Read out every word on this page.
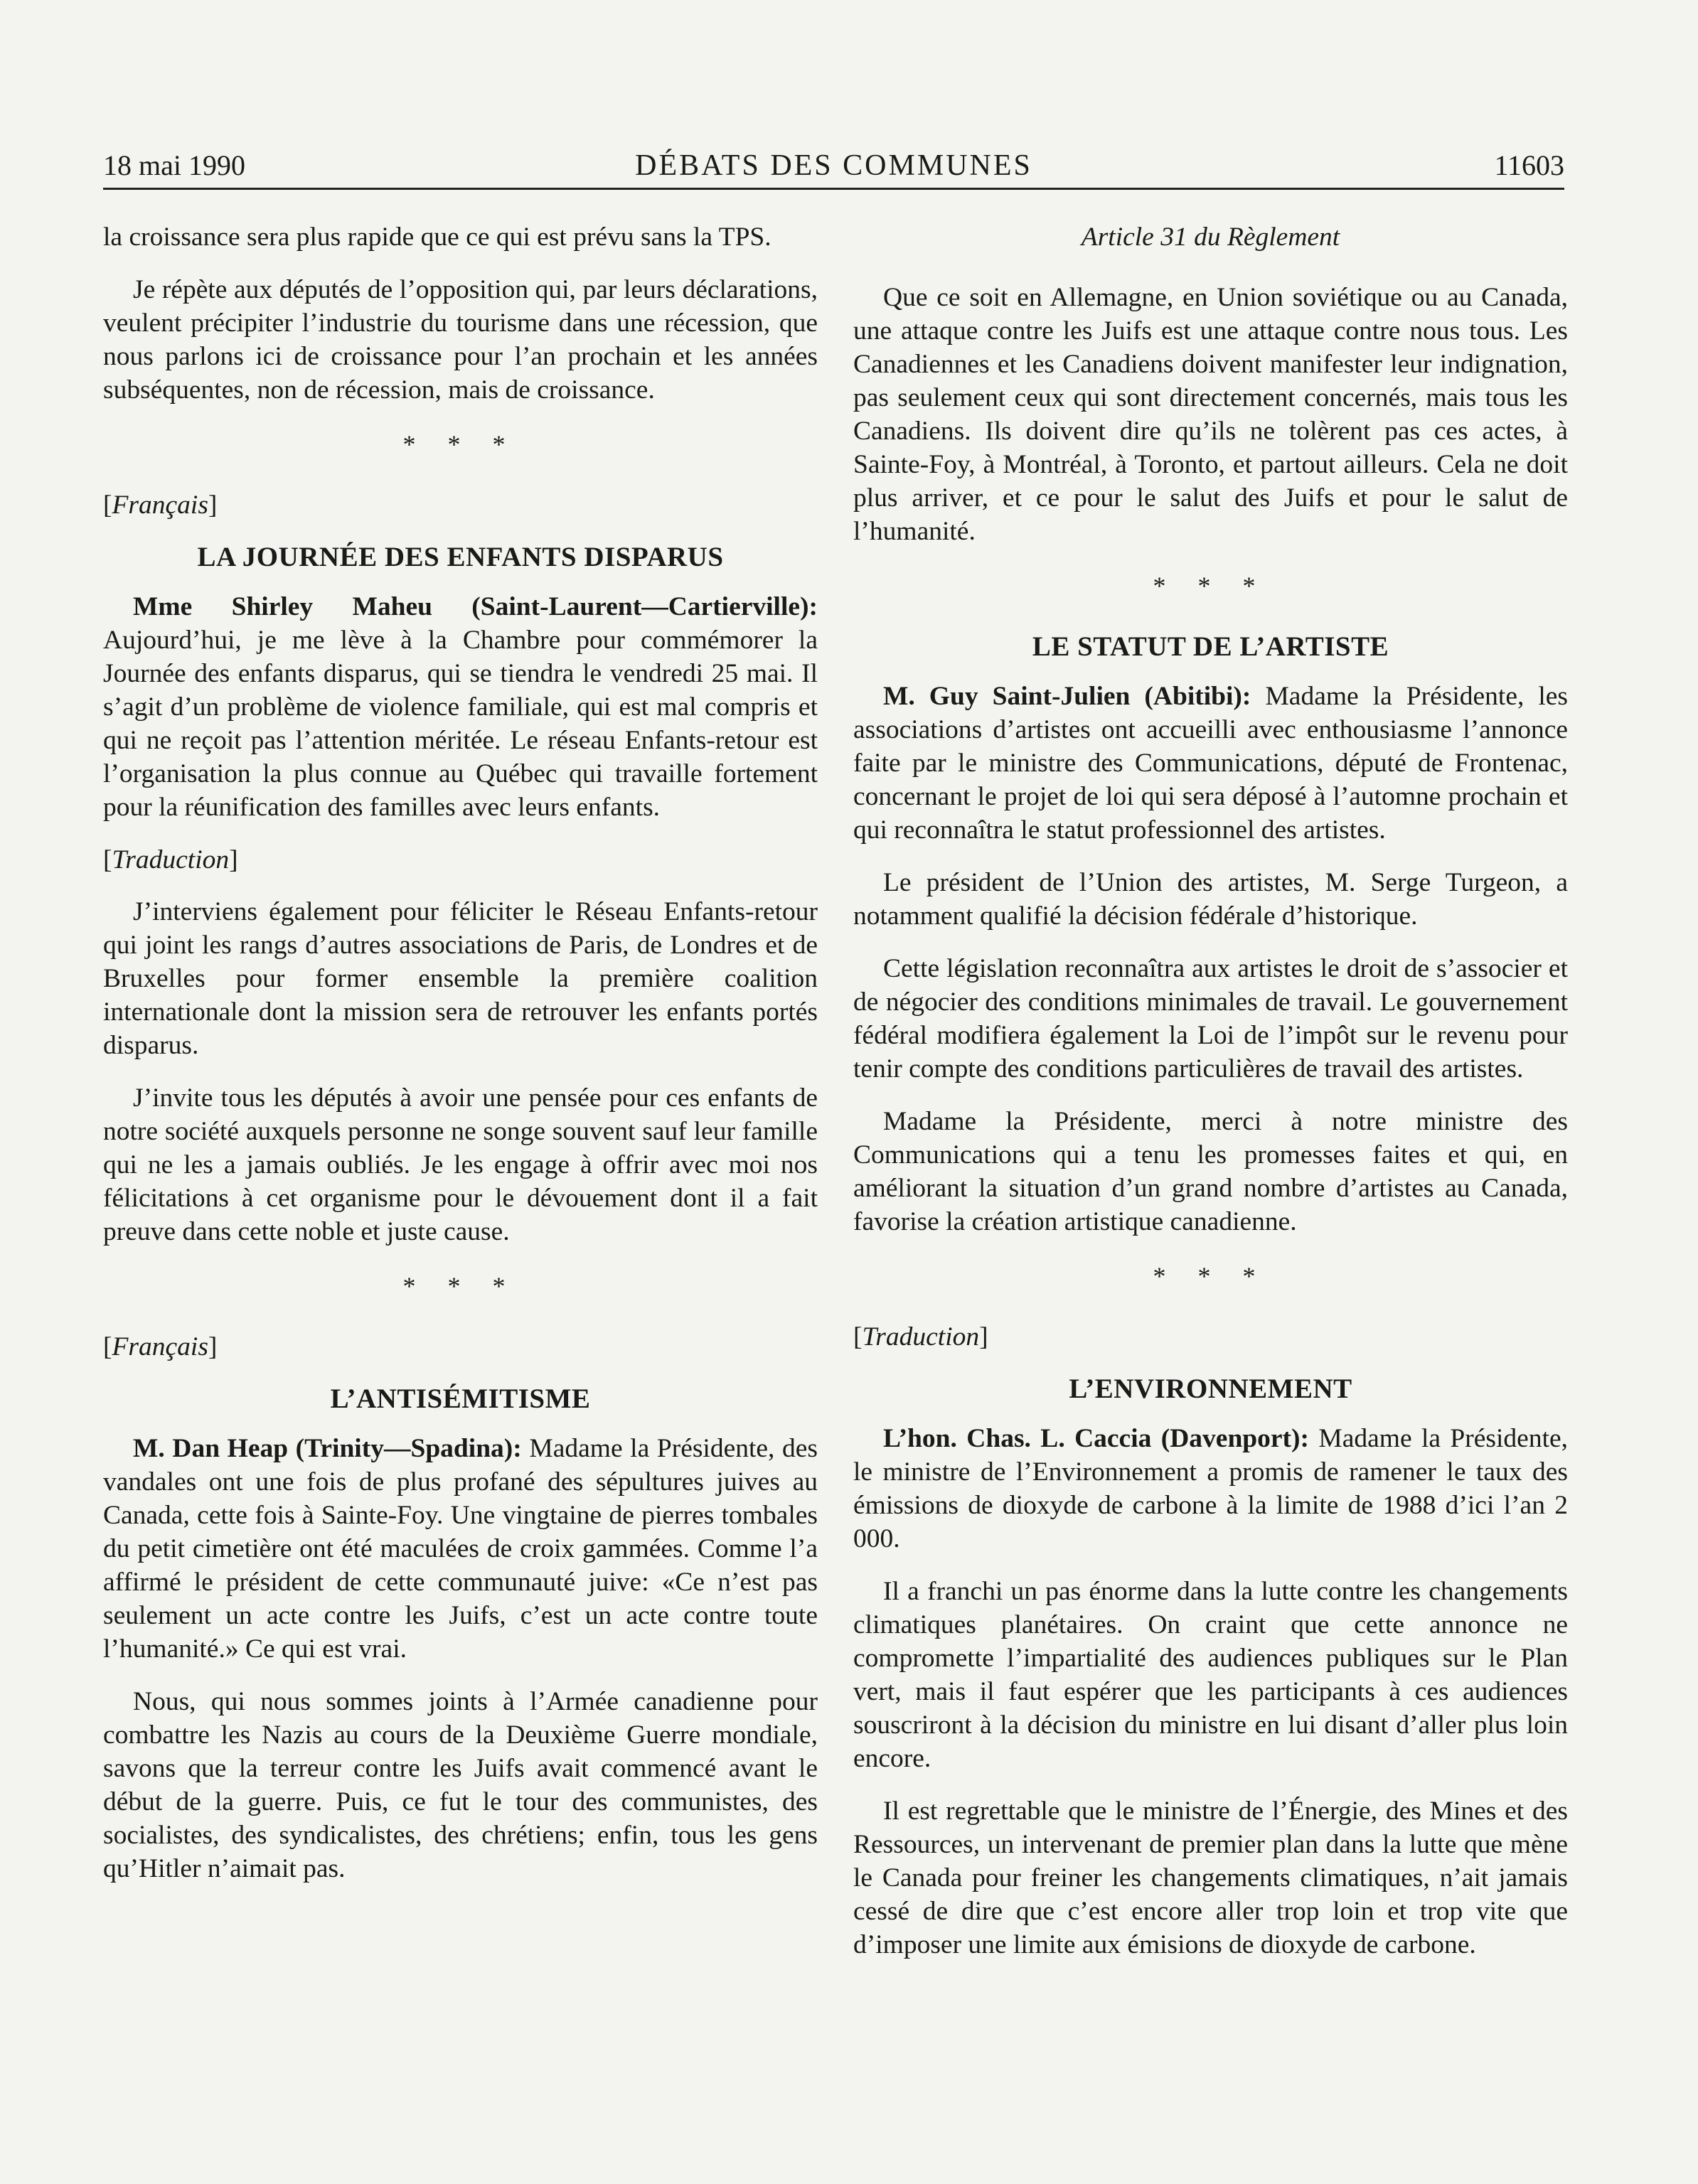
18 mai 1990	DÉBATS DES COMMUNES	11603

la croissance sera plus rapide que ce qui est prévu sans la TPS.

Je répète aux députés de l’opposition qui, par leurs déclarations, veulent précipiter l’industrie du tourisme dans une récession, que nous parlons ici de croissance pour l’an prochain et les années subséquentes, non de récession, mais de croissance.

* * *
[Français]
LA JOURNÉE DES ENFANTS DISPARUS

Mme Shirley Maheu (Saint-Laurent—Cartierville): Aujourd’hui, je me lève à la Chambre pour commémorer la Journée des enfants disparus, qui se tiendra le vendredi 25 mai. Il s’agit d’un problème de violence familiale, qui est mal compris et qui ne reçoit pas l’attention méritée. Le réseau Enfants-retour est l’organisation la plus connue au Québec qui travaille fortement pour la réunification des familles avec leurs enfants.

[Traduction]

J’interviens également pour féliciter le Réseau Enfants-retour qui joint les rangs d’autres associations de Paris, de Londres et de Bruxelles pour former ensemble la première coalition internationale dont la mission sera de retrouver les enfants portés disparus.

J’invite tous les députés à avoir une pensée pour ces enfants de notre société auxquels personne ne songe souvent sauf leur famille qui ne les a jamais oubliés. Je les engage à offrir avec moi nos félicitations à cet organisme pour le dévouement dont il a fait preuve dans cette noble et juste cause.

* * *
[Français]
L’ANTISÉMITISME

M. Dan Heap (Trinity—Spadina): Madame la Présidente, des vandales ont une fois de plus profané des sépultures juives au Canada, cette fois à Sainte-Foy. Une vingtaine de pierres tombales du petit cimetière ont été maculées de croix gammées. Comme l’a affirmé le président de cette communauté juive: «Ce n’est pas seulement un acte contre les Juifs, c’est un acte contre toute l’humanité.» Ce qui est vrai.

Nous, qui nous sommes joints à l’Armée canadienne pour combattre les Nazis au cours de la Deuxième Guerre mondiale, savons que la terreur contre les Juifs avait commencé avant le début de la guerre. Puis, ce fut le tour des communistes, des socialistes, des syndicalistes, des chrétiens; enfin, tous les gens qu’Hitler n’aimait pas.

Article 31 du Règlement

Que ce soit en Allemagne, en Union soviétique ou au Canada, une attaque contre les Juifs est une attaque contre nous tous. Les Canadiennes et les Canadiens doivent manifester leur indignation, pas seulement ceux qui sont directement concernés, mais tous les Canadiens. Ils doivent dire qu’ils ne tolèrent pas ces actes, à Sainte-Foy, à Montréal, à Toronto, et partout ailleurs. Cela ne doit plus arriver, et ce pour le salut des Juifs et pour le salut de l’humanité.

* * *
LE STATUT DE L’ARTISTE

M. Guy Saint-Julien (Abitibi): Madame la Présidente, les associations d’artistes ont accueilli avec enthousiasme l’annonce faite par le ministre des Communications, député de Frontenac, concernant le projet de loi qui sera déposé à l’automne prochain et qui reconnaîtra le statut professionnel des artistes.

Le président de l’Union des artistes, M. Serge Turgeon, a notamment qualifié la décision fédérale d’historique.

Cette législation reconnaîtra aux artistes le droit de s’associer et de négocier des conditions minimales de travail. Le gouvernement fédéral modifiera également la Loi de l’impôt sur le revenu pour tenir compte des conditions particulières de travail des artistes.

Madame la Présidente, merci à notre ministre des Communications qui a tenu les promesses faites et qui, en améliorant la situation d’un grand nombre d’artistes au Canada, favorise la création artistique canadienne.

* * *
[Traduction]
L’ENVIRONNEMENT

L’hon. Chas. L. Caccia (Davenport): Madame la Présidente, le ministre de l’Environnement a promis de ramener le taux des émissions de dioxyde de carbone à la limite de 1988 d’ici l’an 2 000.

Il a franchi un pas énorme dans la lutte contre les changements climatiques planétaires. On craint que cette annonce ne compromette l’impartialité des audiences publiques sur le Plan vert, mais il faut espérer que les participants à ces audiences souscriront à la décision du ministre en lui disant d’aller plus loin encore.

Il est regrettable que le ministre de l’Énergie, des Mines et des Ressources, un intervenant de premier plan dans la lutte que mène le Canada pour freiner les changements climatiques, n’ait jamais cessé de dire que c’est encore aller trop loin et trop vite que d’imposer une limite aux émisions de dioxyde de carbone.
